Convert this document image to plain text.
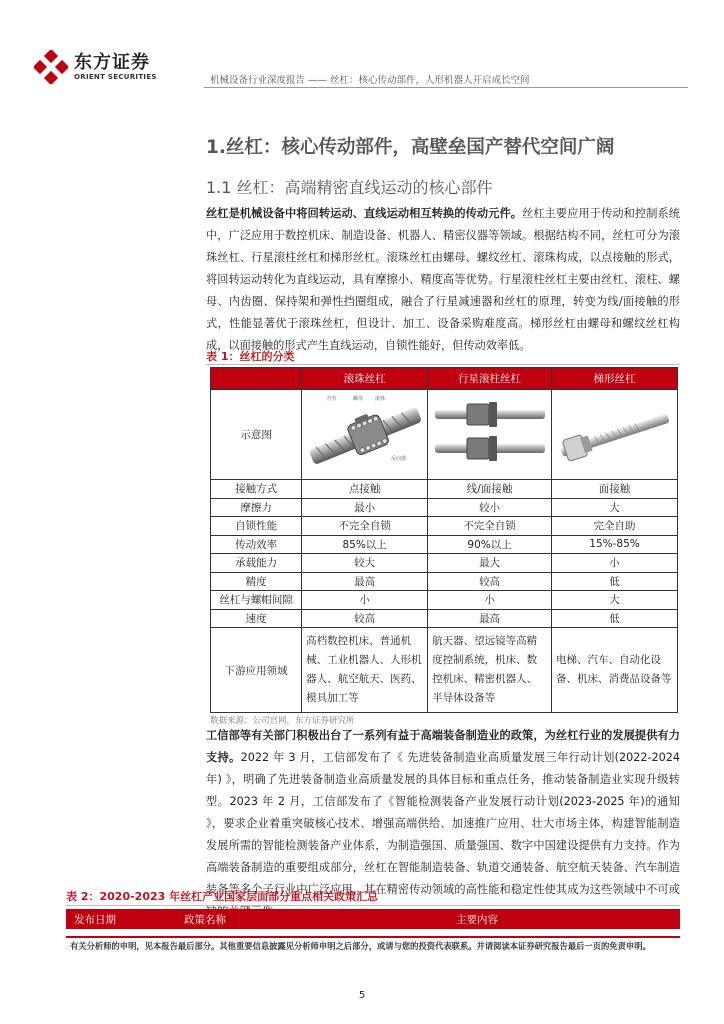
东方证券
ORIENT SECURITIES	机械设备行业深度报告 —— 丝杠：核心传动部件，人形机器人开启成长空间
1.丝杠：核心传动部件，高壁垒国产替代空间广阔
1.1 丝杠：高端精密直线运动的核心部件
丝杠是机械设备中将回转运动、直线运动相互转换的传动元件。丝杠主要应用于传动和控制系统中，广泛应用于数控机床、制造设备、机器人、精密仪器等领域。根据结构不同，丝杠可分为滚珠丝杠、行星滚柱丝杠和梯形丝杠。滚珠丝杠由螺母、螺纹丝杠、滚珠构成，以点接触的形式，将回转运动转化为直线运动，具有摩擦小、精度高等优势。行星滚柱丝杠主要由丝杠、滚柱、螺母、内齿圈、保持架和弹性挡圈组成，融合了行星减速器和丝杠的原理，转变为线/面接触的形式，性能显著优于滚珠丝杠，但设计、加工、设备采购难度高。梯形丝杠由螺母和螺纹丝杠构成，以面接触的形式产生直线运动，自锁性能好，但传动效率低。
表 1：丝杠的分类
	滚珠丝杠	行星滚柱丝杠	梯形丝杠
示意图	丝杠 螺母 滚珠
反向器

接触方式	点接触	线/面接触	面接触
摩擦力	最小	较小	大
自锁性能	不完全自锁	不完全自锁	完全自助
传动效率	85%以上	90%以上	15%-85%
承载能力	较大	最大	小
精度	最高	较高	低
丝杠与螺帽间隙	小	小	大
速度	较高	最高	低
下游应用领域	高档数控机床、普通机械、工业机器人、人形机器人、航空航天、医药、模具加工等	航天器、望远镜等高精度控制系统，机床、数控机床、精密机器人、半导体设备等	电梯、汽车、自动化设备、机床、消费品设备等
数据来源：公司官网，东方证券研究所
工信部等有关部门积极出台了一系列有益于高端装备制造业的政策，为丝杠行业的发展提供有力支持。2022 年 3 月，工信部发布了《 先进装备制造业高质量发展三年行动计划(2022-2024 年) 》，明确了先进装备制造业高质量发展的具体目标和重点任务，推动装备制造业实现升级转型。2023 年 2 月，工信部发布了《智能检测装备产业发展行动计划(2023-2025 年)的通知 》，要求企业着重突破核心技术、增强高端供给、加速推广应用、壮大市场主体，构建智能制造发展所需的智能检测装备产业体系，为制造强国、质量强国、数字中国建设提供有力支持。作为高端装备制造的重要组成部分，丝杠在智能制造装备、轨道交通装备、航空航天装备、汽车制造装备等多个子行业中广泛应用，其在精密传动领域的高性能和稳定性使其成为这些领域中不可或
表 2：2020-2023 年丝杠产业国家层面部分重点相关政策汇总
发布日期	政策名称	主要内容
有关分析师的申明，见本报告最后部分。其他重要信息披露见分析师申明之后部分，或请与您的投资代表联系。并请阅读本证券研究报告最后一页的免责申明。
5
